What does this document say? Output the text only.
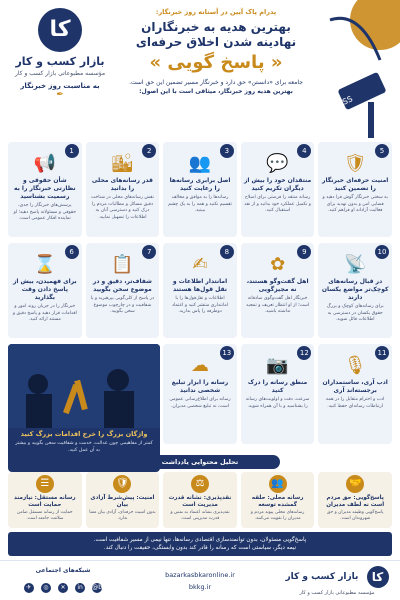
کا
بازار کسب و کار
مؤسسه مطبوعاتی بازار کسب و کار
به مناسبت روز خبرنگار
✒
پدرام پاک آیین در آستانه روز خبرنگار:
بهترین هدیه به خبرنگاران
نهادینه شدن اخلاق حرفه‌ای
« پاسخ گویی »
جامعه برای «دانستن» حق دارد و خبرنگار مسیر تضمین این حق است.
بهترین هدیه روز خبرنگار، میثاقی است با این اصول:
PRESS
5
🛡
امنیت حرفه‌ای خبرنگار را تضمین کنید
به سختی خبرنگار گوش فرا دهید و فضایی امن و بدون تهدید برای فعالیت آزادانه او فراهم کنید.
4
💬
منتقدان خود را بیش از دیگران تکریم کنید
رسانه منتقد را فرصتی برای اصلاح و تکمیل عملکرد خود بدانید و از نقد استقبال کنید.
3
👥
اصل برابری رسانه‌ها را رعایت کنید
رسانه‌ها را به موافق و مخالف تقسیم نکنید و همه را به یک چشم ببینید.
2
🏙
قدر رسانه‌های محلی را بدانید
نقش رسانه‌های محلی در شناخت دقیق مسائل و مطالبات مردم را درک کنید و دسترسی آنان به اطلاعات را تسهیل نمایید.
1
📢
شأن حقوقی و نظارتی خبرنگار را به رسمیت بشناسید
پرسش‌های خبرنگار را جدی، حقوقی و مسئولانه پاسخ دهید؛ او نماینده افکار عمومی است.
10
📡
در قبال رسانه‌های کوچک‌تر مواضع یکسان دارند
برای رسانه‌های کوچک و بزرگ حقوق یکسان در دسترسی به اطلاعات قائل شوید.
9
✿
اهل گفت‌وگو هستند، نه مجیزگویی
خبرنگار اهل گفت‌وگوی صادقانه است؛ از او انتظار تعریف و تمجید نداشته باشید.
8
✍
امانتدار اطلاعات و نقل قول‌ها هستند
اطلاعات و نقل‌قول‌ها را با امانتداری منتشر کنید و اعتماد دوطرفه را پاس بدارید.
7
📋
شفاف‌تر، دقیق و در موضوع سخن بگویید
در پاسخ از کلی‌گویی بپرهیزید و با شفافیت و در چارچوب موضوع سخن بگویید.
6
⌛
برای فهمیدن، بیش از پاسخ دادن وقت بگذارید
خبرنگار را در جریان روند امور و اقدامات قرار دهید و پاسخ دقیق و مستند ارائه کنید.
واژگان بزرگ را خرج اقدامات بزرگ کنید
کمتر از مفاهیمی چون عدالت، خدمت و شفافیت سخن بگویید و بیشتر به آن عمل کنید.
11
🎙
ادب آری، ساستمداران برجسته‌اند آری
ادب و احترام متقابل را در همه ارتباطات رسانه‌ای حفظ کنید.
12
📷
منطق رسانه را درک کنید
سرعت، دقت و اولویت‌های رسانه را بشناسید و با آن همراه شوید.
13
☁
رسانه را ابزار تبلیغ شخصی ندانید
رسانه برای اطلاع‌رسانی عمومی است، نه تبلیغ شخصی مدیران.
تحلیل محتوایی یادداشت
🤝
پاسخ‌گویی: حق مردم است نه لطف مدیران
پاسخ‌گویی وظیفه مدیران و حق شهروندان است.
👥
رسانه محلی: حلقه گمشده توسعه
رسانه‌های محلی پیوند مردم و مدیران را تقویت می‌کنند.
⚖
نقدپذیری: نشانه قدرت مدیریت است
نقدپذیری نشانه اعتماد به نفس و قدرت مدیریتی است.
🛡
امنیت: پیش‌شرط آزادی بیان
بدون امنیت حرفه‌ای، آزادی بیان معنا ندارد.
☰
رسانه مستقل: نیازمند حمایت است
حمایت از رسانه مستقل ضامن سلامت جامعه است.
پاسخ‌گویی مسئولان، بدون توانمندسازی اقتصادی رسانه‌ها، تنها نیمی از مسیر شفافیت است.
نیمه دیگر، سیاستی است که رسانه را قادر کند بدون وابستگی، حقیقت را دنبال کند.
کا بازار کسب و کار
مؤسسه مطبوعاتی بازار کسب و کار
bazarkasbkaronline.ir
bkkg.ir
شبکه‌های اجتماعی
✈ ◎ ✕ in @bazarkasbokar
